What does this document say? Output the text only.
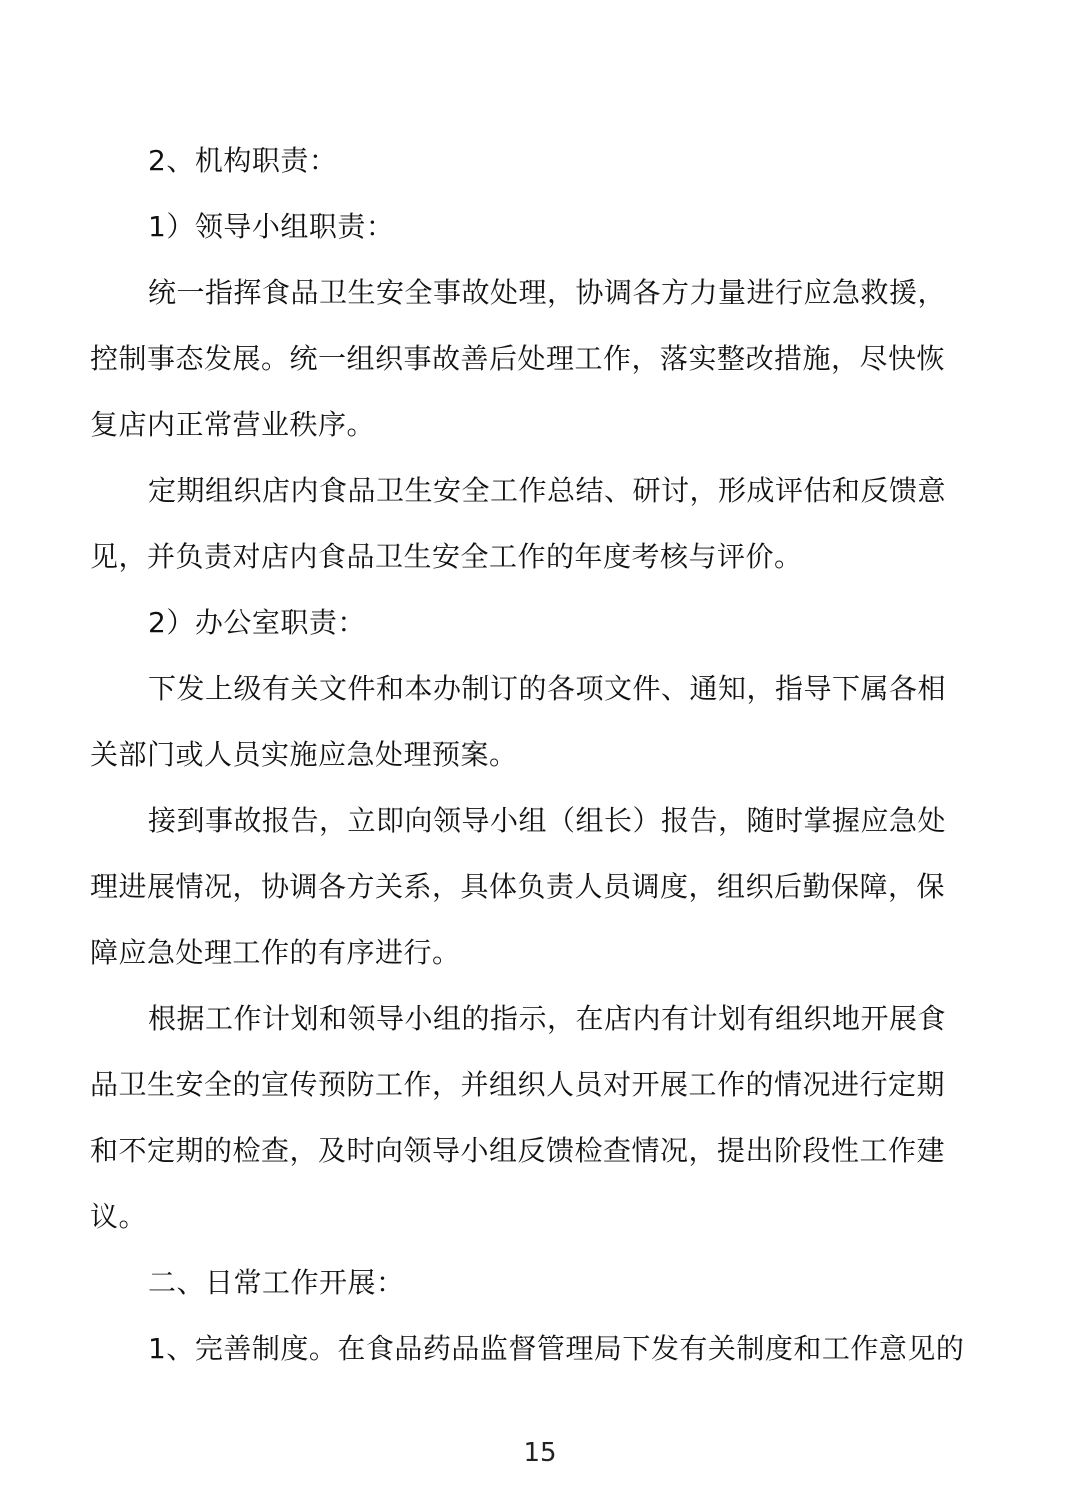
2、机构职责：

1）领导小组职责：

统一指挥食品卫生安全事故处理，协调各方力量进行应急救援，

控制事态发展。统一组织事故善后处理工作，落实整改措施，尽快恢

复店内正常营业秩序。

定期组织店内食品卫生安全工作总结、研讨，形成评估和反馈意

见，并负责对店内食品卫生安全工作的年度考核与评价。

2）办公室职责：

下发上级有关文件和本办制订的各项文件、通知，指导下属各相

关部门或人员实施应急处理预案。

接到事故报告，立即向领导小组（组长）报告，随时掌握应急处

理进展情况，协调各方关系，具体负责人员调度，组织后勤保障，保

障应急处理工作的有序进行。

根据工作计划和领导小组的指示，在店内有计划有组织地开展食

品卫生安全的宣传预防工作，并组织人员对开展工作的情况进行定期

和不定期的检查，及时向领导小组反馈检查情况，提出阶段性工作建

议。

二、日常工作开展：

1、完善制度。在食品药品监督管理局下发有关制度和工作意见的

15
